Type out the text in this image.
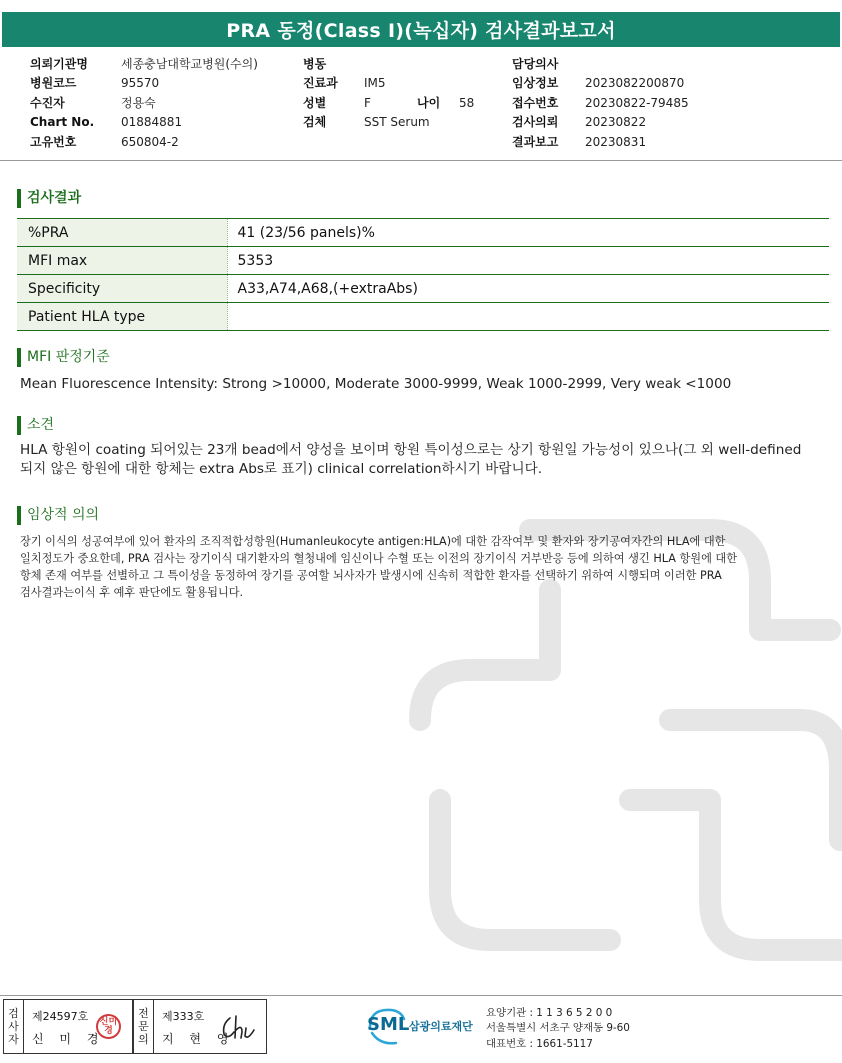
PRA 동정(Class I)(녹십자) 검사결과보고서
의뢰기관명	세종충남대학교병원(수의)
병원코드	95570
수진자	정용숙
Chart No.	01884881
고유번호	650804-2
병동
진료과	IM5
성별	F	나이	58
검체	SST Serum
담당의사
임상정보	2023082200870
접수번호	20230822-79485
검사의뢰	20230822
결과보고	20230831
검사결과
%PRA	41 (23/56 panels)%
MFI max	5353
Specificity	A33,A74,A68,(+extraAbs)
Patient HLA type	
MFI 판정기준
Mean Fluorescence Intensity: Strong >10000, Moderate 3000-9999, Weak 1000-2999, Very weak <1000
소견
HLA 항원이 coating 되어있는 23개 bead에서 양성을 보이며 항원 특이성으로는 상기 항원일 가능성이 있으나(그 외 well-defined
되지 않은 항원에 대한 항체는 extra Abs로 표기) clinical correlation하시기 바랍니다.
임상적 의의
장기 이식의 성공여부에 있어 환자의 조직적합성항원(Humanleukocyte antigen:HLA)에 대한 감작여부 및 환자와 장기공여자간의 HLA에 대한
일치정도가 중요한데, PRA 검사는 장기이식 대기환자의 혈청내에 임신이나 수혈 또는 이전의 장기이식 거부반응 등에 의하여 생긴 HLA 항원에 대한
항체 존재 여부를 선별하고 그 특이성을 동정하여 장기를 공여할 뇌사자가 발생시에 신속히 적합한 환자를 선택하기 위하여 시행되며 이러한 PRA
검사결과는이식 후 예후 판단에도 활용됩니다.
검
사
자
제24597호
신 미 경
신미경
전
문
의
제333호
지 현 영
SML 삼광의료재단
요양기관 : 1 1 3 6 5 2 0 0
서울특별시 서초구 양재동 9-60
대표번호 : 1661-5117
